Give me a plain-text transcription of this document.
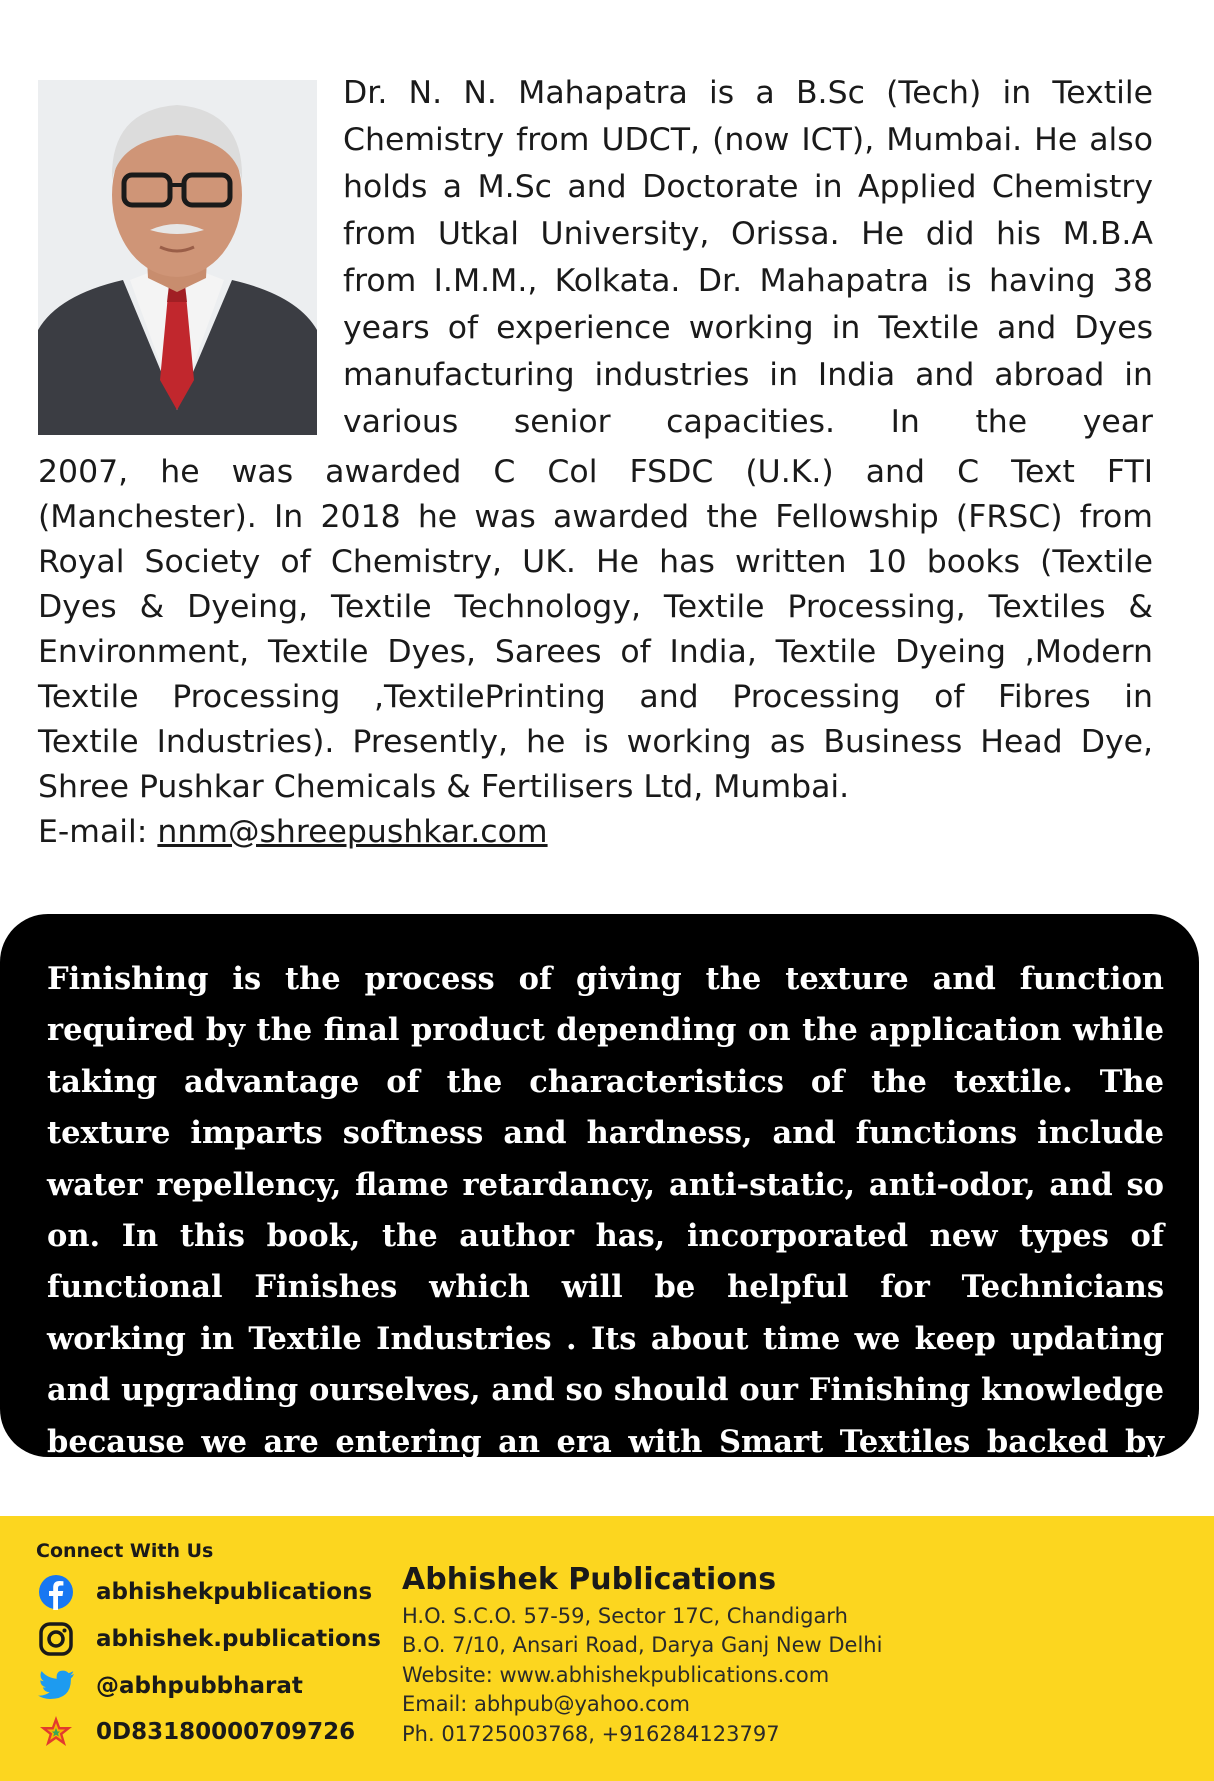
Dr. N. N. Mahapatra is a B.Sc (Tech) in Textile Chemistry from UDCT, (now ICT), Mumbai. He also holds a M.Sc and Doctorate in Applied Chemistry from Utkal University, Orissa. He did his M.B.A from I.M.M., Kolkata. Dr. Mahapatra is having 38 years of experience working in Textile and Dyes manufacturing industries in India and abroad in various senior capacities. In the year

2007, he was awarded C Col FSDC (U.K.) and C Text FTI
(Manchester). In 2018 he was awarded the Fellowship (FRSC) from
Royal Society of Chemistry, UK. He has written 10 books (Textile
Dyes & Dyeing, Textile Technology, Textile Processing, Textiles &
Environment, Textile Dyes, Sarees of India, Textile Dyeing ,Modern
Textile Processing ,TextilePrinting and Processing of Fibres in
Textile Industries). Presently, he is working as Business Head Dye,
Shree Pushkar Chemicals & Fertilisers Ltd, Mumbai.
E-mail: nnm@shreepushkar.com

Finishing is the process of giving the texture and function required by the final product depending on the application while taking advantage of the characteristics of the textile. The texture imparts softness and hardness, and functions include water repellency, flame retardancy, anti-static, anti-odor, and so on. In this book, the author has, incorporated new types of functional Finishes which will be helpful for Technicians working in Textile Industries . Its about time we keep updating and upgrading ourselves, and so should our Finishing knowledge because we are entering an era with Smart Textiles backed by Artificial Intelligence.

Connect With Us
abhishekpublications
abhishek.publications
@abhpubbharat
0D83180000709726
Abhishek Publications
H.O. S.C.O. 57-59, Sector 17C, Chandigarh
B.O. 7/10, Ansari Road, Darya Ganj New Delhi
Website: www.abhishekpublications.com
Email: abhpub@yahoo.com
Ph. 01725003768, +916284123797
